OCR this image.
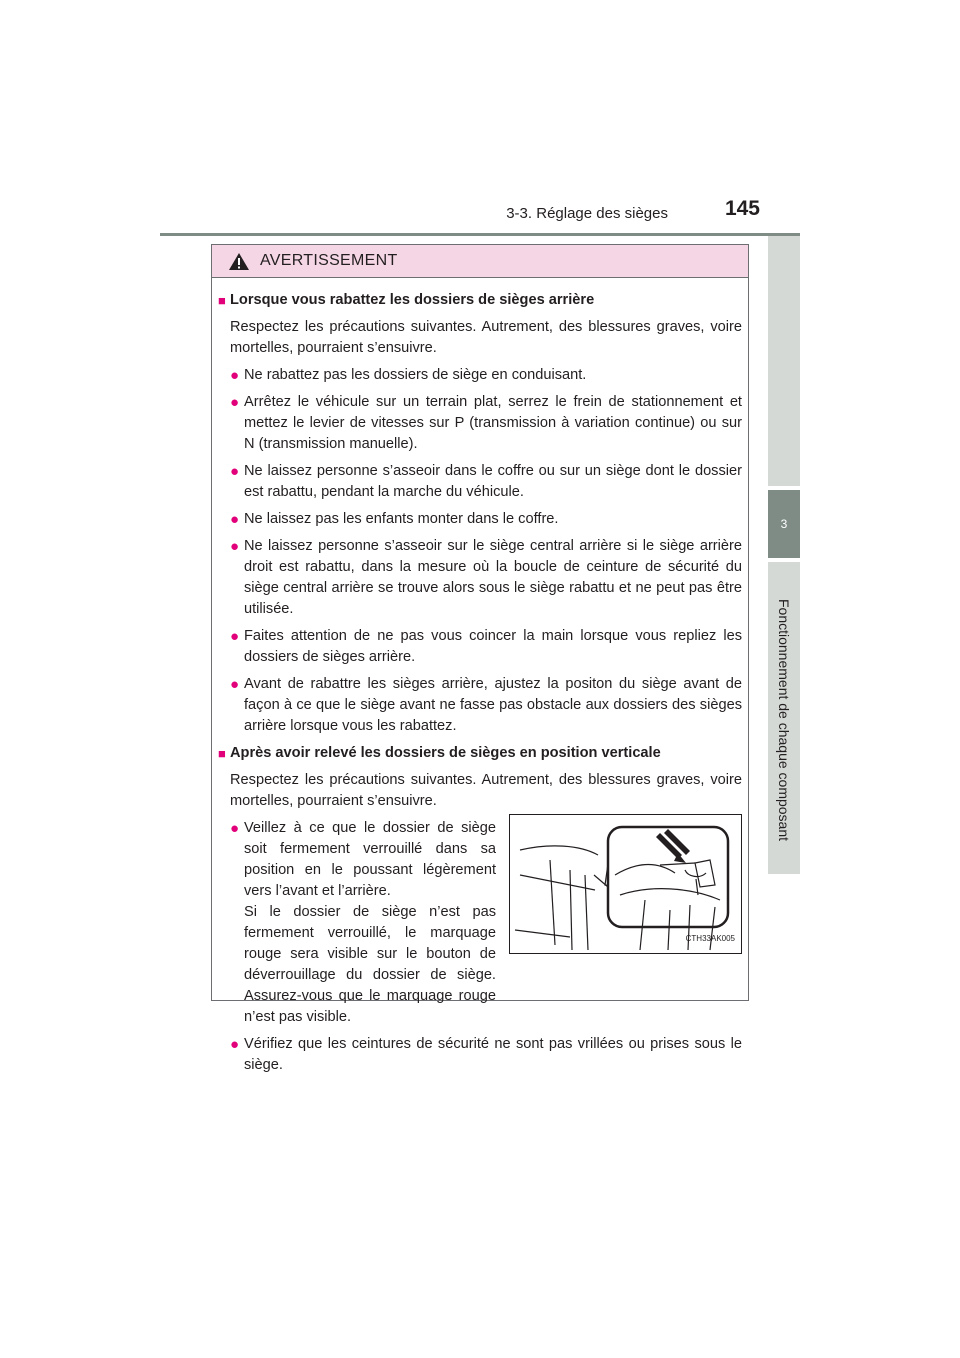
3-3. Réglage des sièges	145
3
Fonctionnement de chaque composant
AVERTISSEMENT
■ Lorsque vous rabattez les dossiers de sièges arrière
Respectez les précautions suivantes. Autrement, des blessures graves, voire mortelles, pourraient s’ensuivre.
● Ne rabattez pas les dossiers de siège en conduisant.
● Arrêtez le véhicule sur un terrain plat, serrez le frein de stationnement et mettez le levier de vitesses sur P (transmission à variation continue) ou sur N (transmission manuelle).
● Ne laissez personne s’asseoir dans le coffre ou sur un siège dont le dossier est rabattu, pendant la marche du véhicule.
● Ne laissez pas les enfants monter dans le coffre.
● Ne laissez personne s’asseoir sur le siège central arrière si le siège arrière droit est rabattu, dans la mesure où la boucle de ceinture de sécurité du siège central arrière se trouve alors sous le siège rabattu et ne peut pas être utilisée.
● Faites attention de ne pas vous coincer la main lorsque vous repliez les dossiers de sièges arrière.
● Avant de rabattre les sièges arrière, ajustez la positon du siège avant de façon à ce que le siège avant ne fasse pas obstacle aux dossiers des sièges arrière lorsque vous les rabattez.
■ Après avoir relevé les dossiers de sièges en position verticale
Respectez les précautions suivantes. Autrement, des blessures graves, voire mortelles, pourraient s’ensuivre.
● Veillez à ce que le dossier de siège soit fermement verrouillé dans sa position en le poussant légèrement vers l’avant et l’arrière.
Si le dossier de siège n’est pas fermement verrouillé, le marquage rouge sera visible sur le bouton de déverrouillage du dossier de siège. Assurez-vous que le marquage rouge n’est pas visible.
CTH33AK005
● Vérifiez que les ceintures de sécurité ne sont pas vrillées ou prises sous le siège.
